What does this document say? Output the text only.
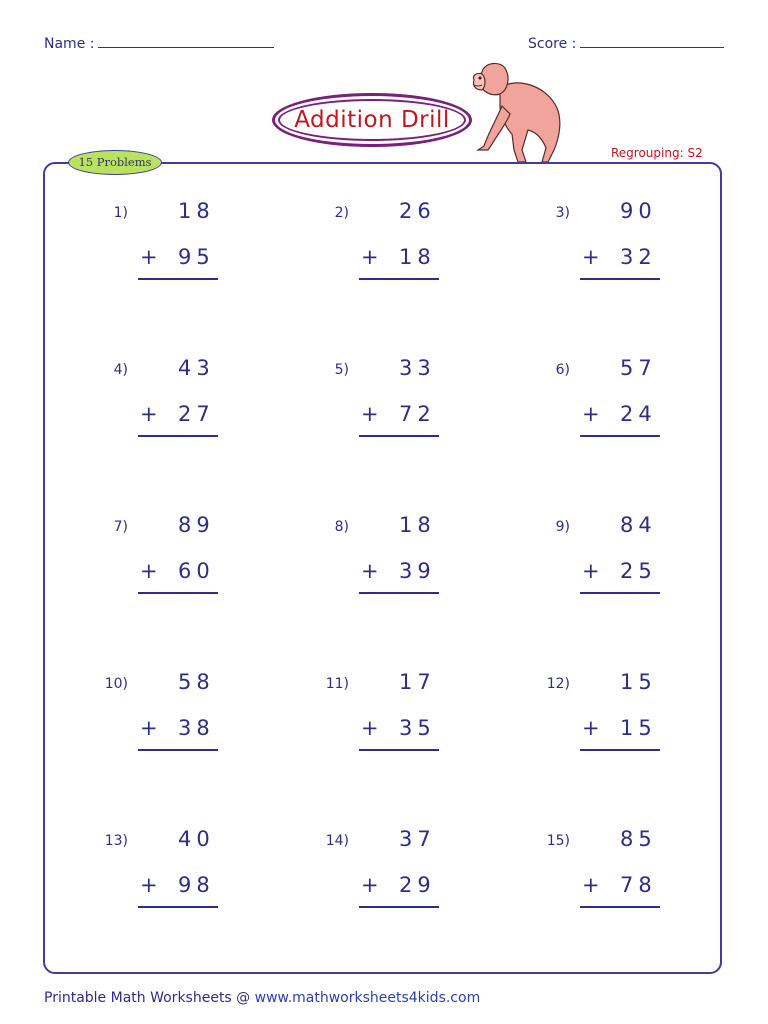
Name :	Score :
Addition Drill
Regrouping: S2
15 Problems
1) 18
+ 95
2) 26
+ 18
3) 90
+ 32
4) 43
+ 27
5) 33
+ 72
6) 57
+ 24
7) 89
+ 60
8) 18
+ 39
9) 84
+ 25
10) 58
+ 38
11) 17
+ 35
12) 15
+ 15
13) 40
+ 98
14) 37
+ 29
15) 85
+ 78
Printable Math Worksheets @ www.mathworksheets4kids.com
